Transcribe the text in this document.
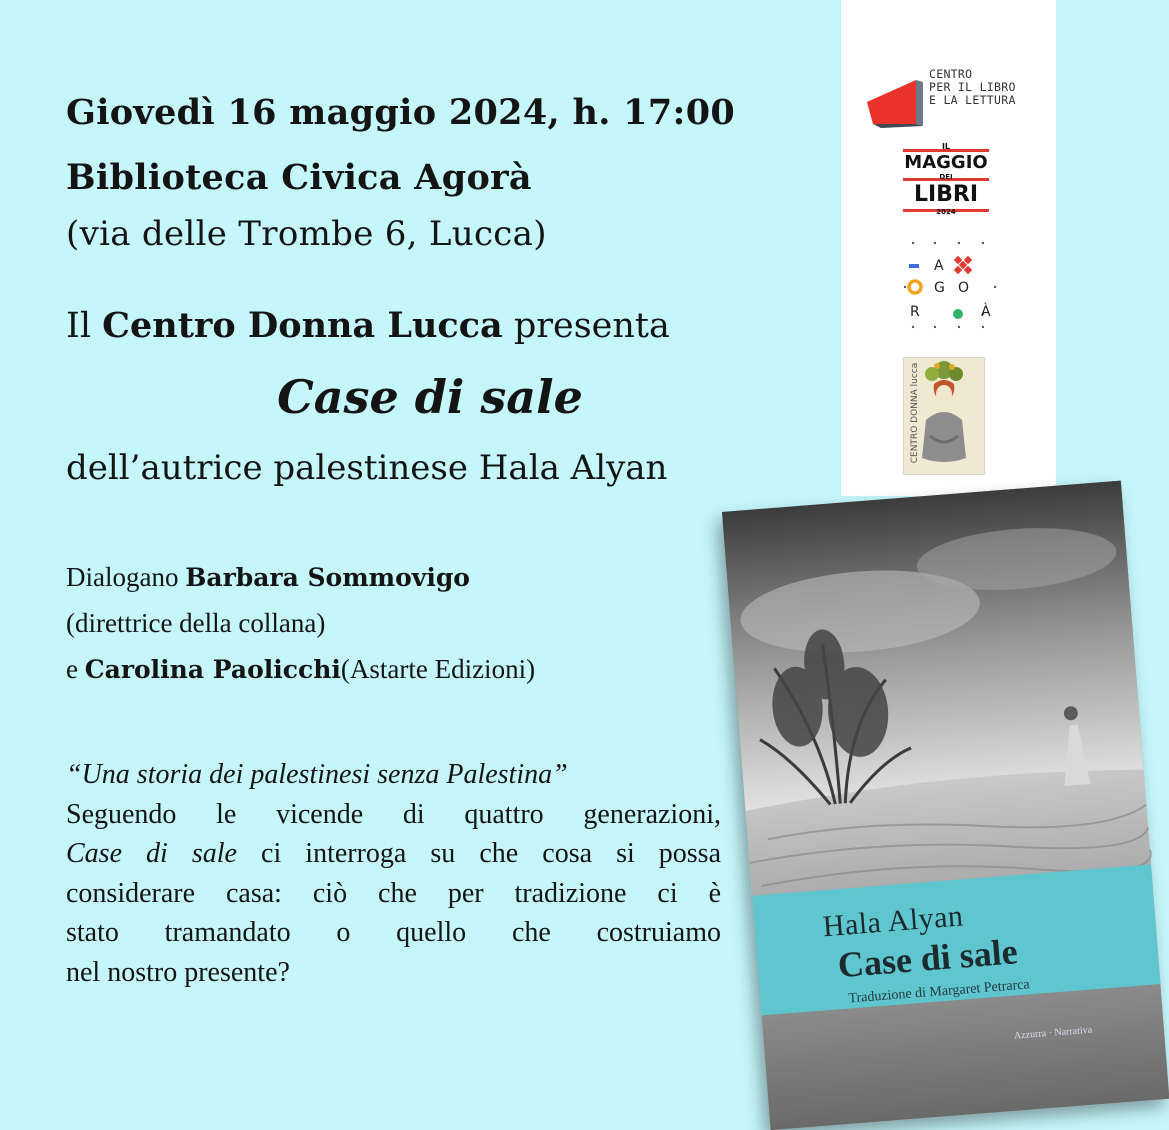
Giovedì 16 maggio 2024, h. 17:00
Biblioteca Civica Agorà
(via delle Trombe 6, Lucca)
Il Centro Donna Lucca presenta
Case di sale
dell’autrice palestinese Hala Alyan
Dialogano Barbara Sommovigo
(direttrice della collana)
e Carolina Paolicchi(Astarte Edizioni)
“Una storia dei palestinesi senza Palestina”
Seguendo le vicende di quattro generazioni,
Case di sale ci interroga su che cosa si possa
considerare casa: ciò che per tradizione ci è
stato tramandato o quello che costruiamo
nel nostro presente?
CENTRO
PER IL LIBRO
E LA LETTURA
IL
MAGGIO
DEI
LIBRI
2024
A
G O
R	À
CENTRO DONNA lucca
Hala Alyan
Case di sale
Traduzione di Margaret Petrarca
Azzurra · Narrativa
